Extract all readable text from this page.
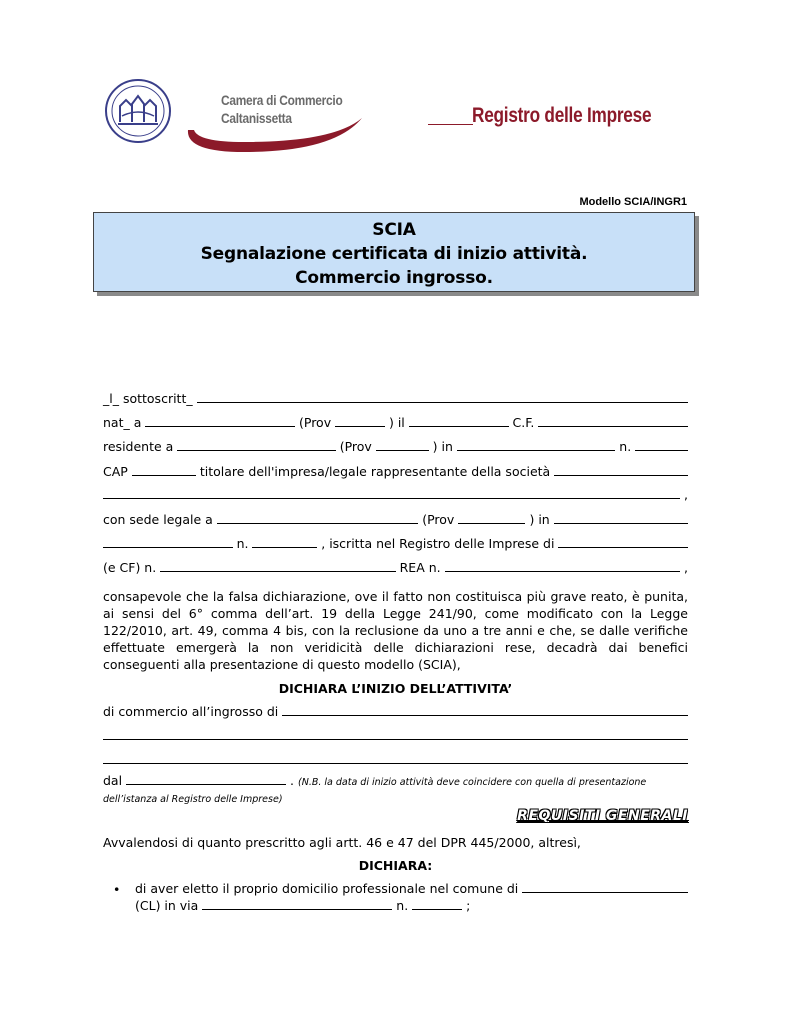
Camera di Commercio
Caltanissetta	Registro delle Imprese
Modello SCIA/INGR1
SCIA
Segnalazione certificata di inizio attività.
Commercio ingrosso.
_l_ sottoscritt_
nat_ a	(Prov	) il	C.F.
residente a	(Prov	) in	n.
CAP	titolare dell'impresa/legale rappresentante della società
,
con sede legale a	(Prov	) in
n.	, iscritta nel Registro delle Imprese di
(e CF) n.	REA n.	,
consapevole che la falsa dichiarazione, ove il fatto non costituisca più grave reato, è punita, ai sensi del 6° comma dell’art. 19 della Legge 241/90, come modificato con la Legge 122/2010, art. 49, comma 4 bis, con la reclusione da uno a tre anni e che, se dalle verifiche effettuate emergerà la non veridicità delle dichiarazioni rese, decadrà dai benefici conseguenti alla presentazione di questo modello (SCIA),
DICHIARA L’INIZIO DELL’ATTIVITA’
di commercio all’ingrosso di
dal	. (N.B. la data di inizio attività deve coincidere con quella di presentazione dell’istanza al Registro delle Imprese)
REQUISITI GENERALI
Avvalendosi di quanto prescritto agli artt. 46 e 47 del DPR 445/2000, altresì,
DICHIARA:
• di aver eletto il proprio domicilio professionale nel comune di
(CL) in via	n.	;
